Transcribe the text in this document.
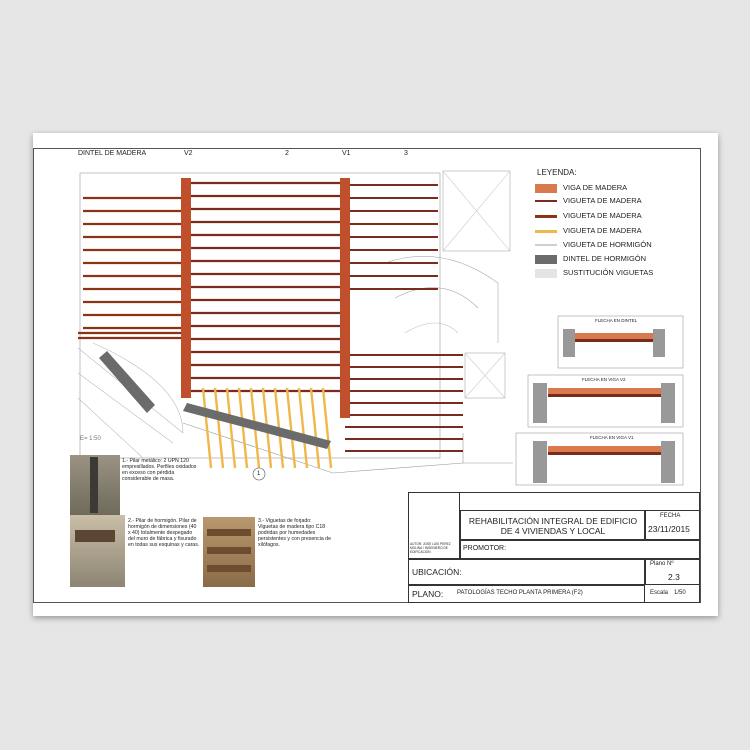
DINTEL DE MADERA	V2	2	V1	3
1
E= 1:50
LEYENDA:
VIGA DE MADERA
VIGUETA DE MADERA
VIGUETA DE MADERA
VIGUETA DE MADERA
VIGUETA DE HORMIGÓN
DINTEL DE HORMIGÓN
SUSTITUCIÓN VIGUETAS
FLECHA EN DINTEL
FLECHA EN VIGA V2
FLECHA EN VIGA V1
1.- Pilar metálico: 2 UPN 120 empresillados. Perfiles oxidados en exceso con pérdida considerable de masa.
2.- Pilar de hormigón. Pilar de hormigón de dimensiones (40 x 40) totalmente despegado del muro de fábrica y fisurado en todas sus esquinas y caras.
3.- Viguetas de forjado: Viguetas de madera tipo C18 podridas por humedades persistentes y con presencia de xilófagos.	AUTOR: JOSE LUIS PEREZ MOLINA / INGENIERO DE EDIFICACIÓN
REHABILITACIÓN INTEGRAL DE EDIFICIO DE 4 VIVIENDAS Y LOCAL
FECHA
23/11/2015
PROMOTOR:
UBICACIÓN:
Plano Nº
2.3
PLANO: PATOLOGÍAS TECHO PLANTA PRIMERA (F2)	Escala 1/50
